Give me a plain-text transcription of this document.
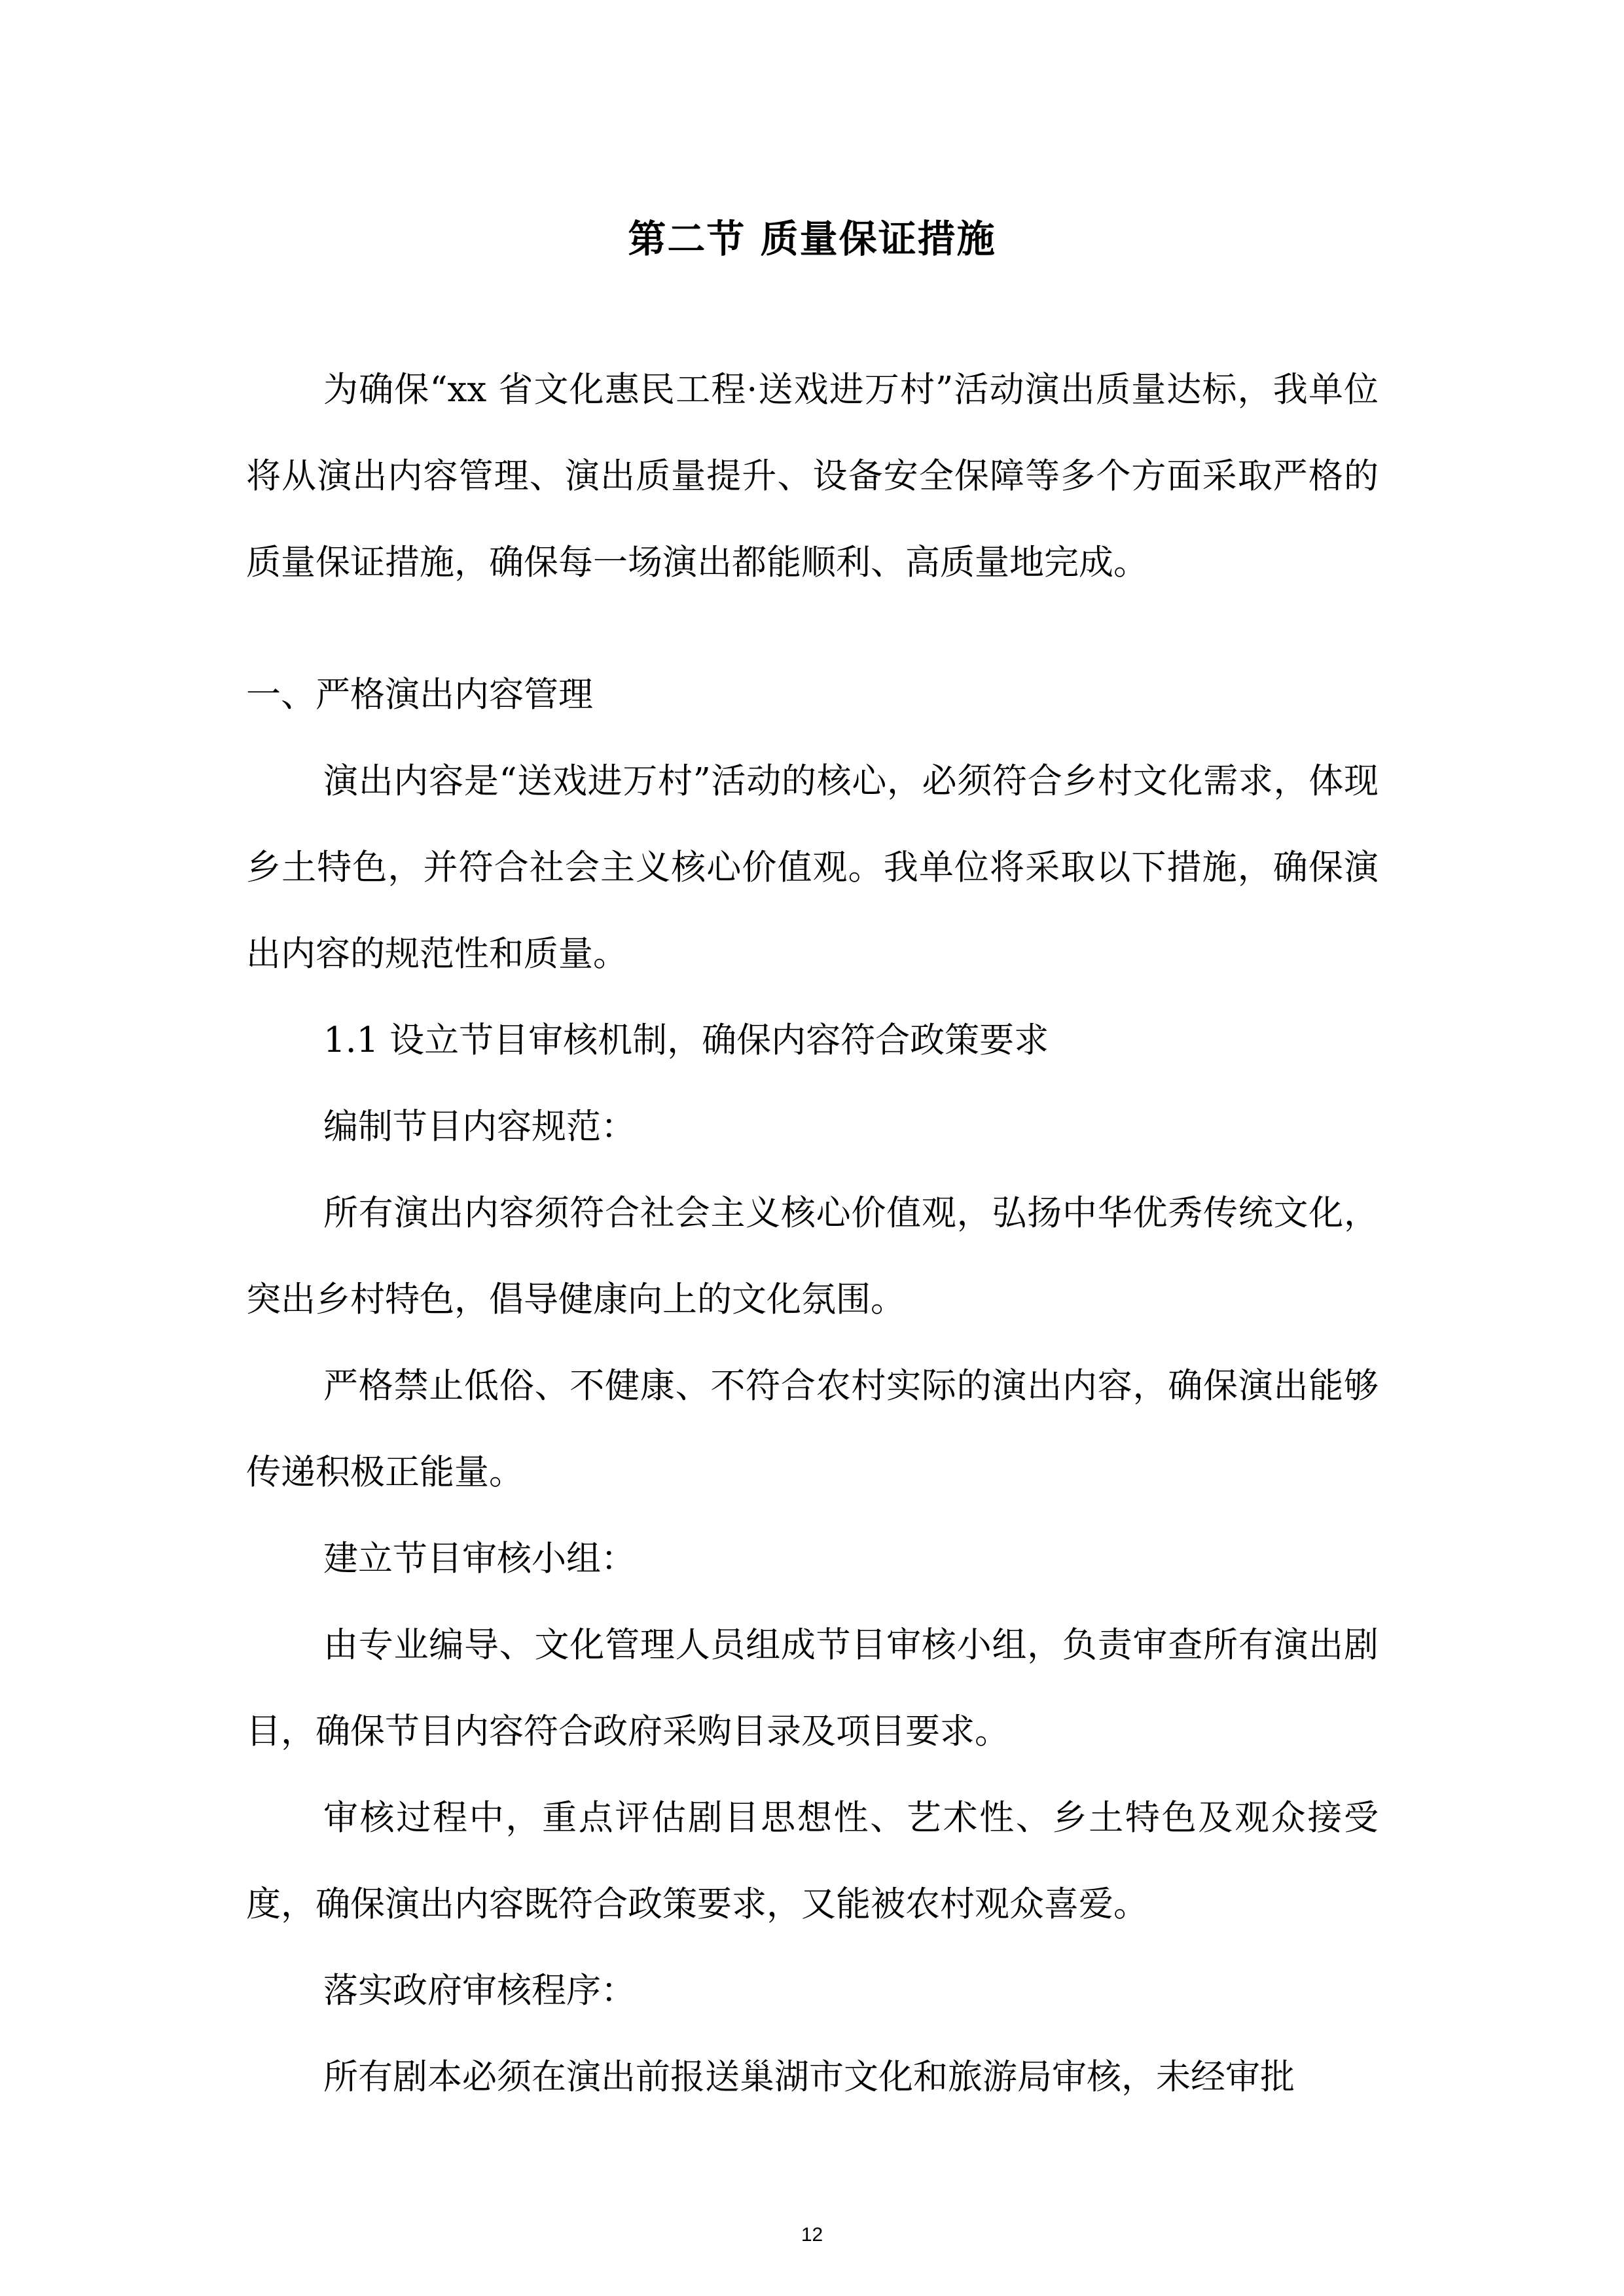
第二节 质量保证措施

为确保“xx 省文化惠民工程·送戏进万村”活动演出质量达标，我单位将从演出内容管理、演出质量提升、设备安全保障等多个方面采取严格的质量保证措施，确保每一场演出都能顺利、高质量地完成。

一、严格演出内容管理

演出内容是“送戏进万村”活动的核心，必须符合乡村文化需求，体现乡土特色，并符合社会主义核心价值观。我单位将采取以下措施，确保演出内容的规范性和质量。

1.1 设立节目审核机制，确保内容符合政策要求

编制节目内容规范：

所有演出内容须符合社会主义核心价值观，弘扬中华优秀传统文化，突出乡村特色，倡导健康向上的文化氛围。

严格禁止低俗、不健康、不符合农村实际的演出内容，确保演出能够传递积极正能量。

建立节目审核小组：

由专业编导、文化管理人员组成节目审核小组，负责审查所有演出剧目，确保节目内容符合政府采购目录及项目要求。

审核过程中，重点评估剧目思想性、艺术性、乡土特色及观众接受度，确保演出内容既符合政策要求，又能被农村观众喜爱。

落实政府审核程序：

所有剧本必须在演出前报送巢湖市文化和旅游局审核，未经审批

12
